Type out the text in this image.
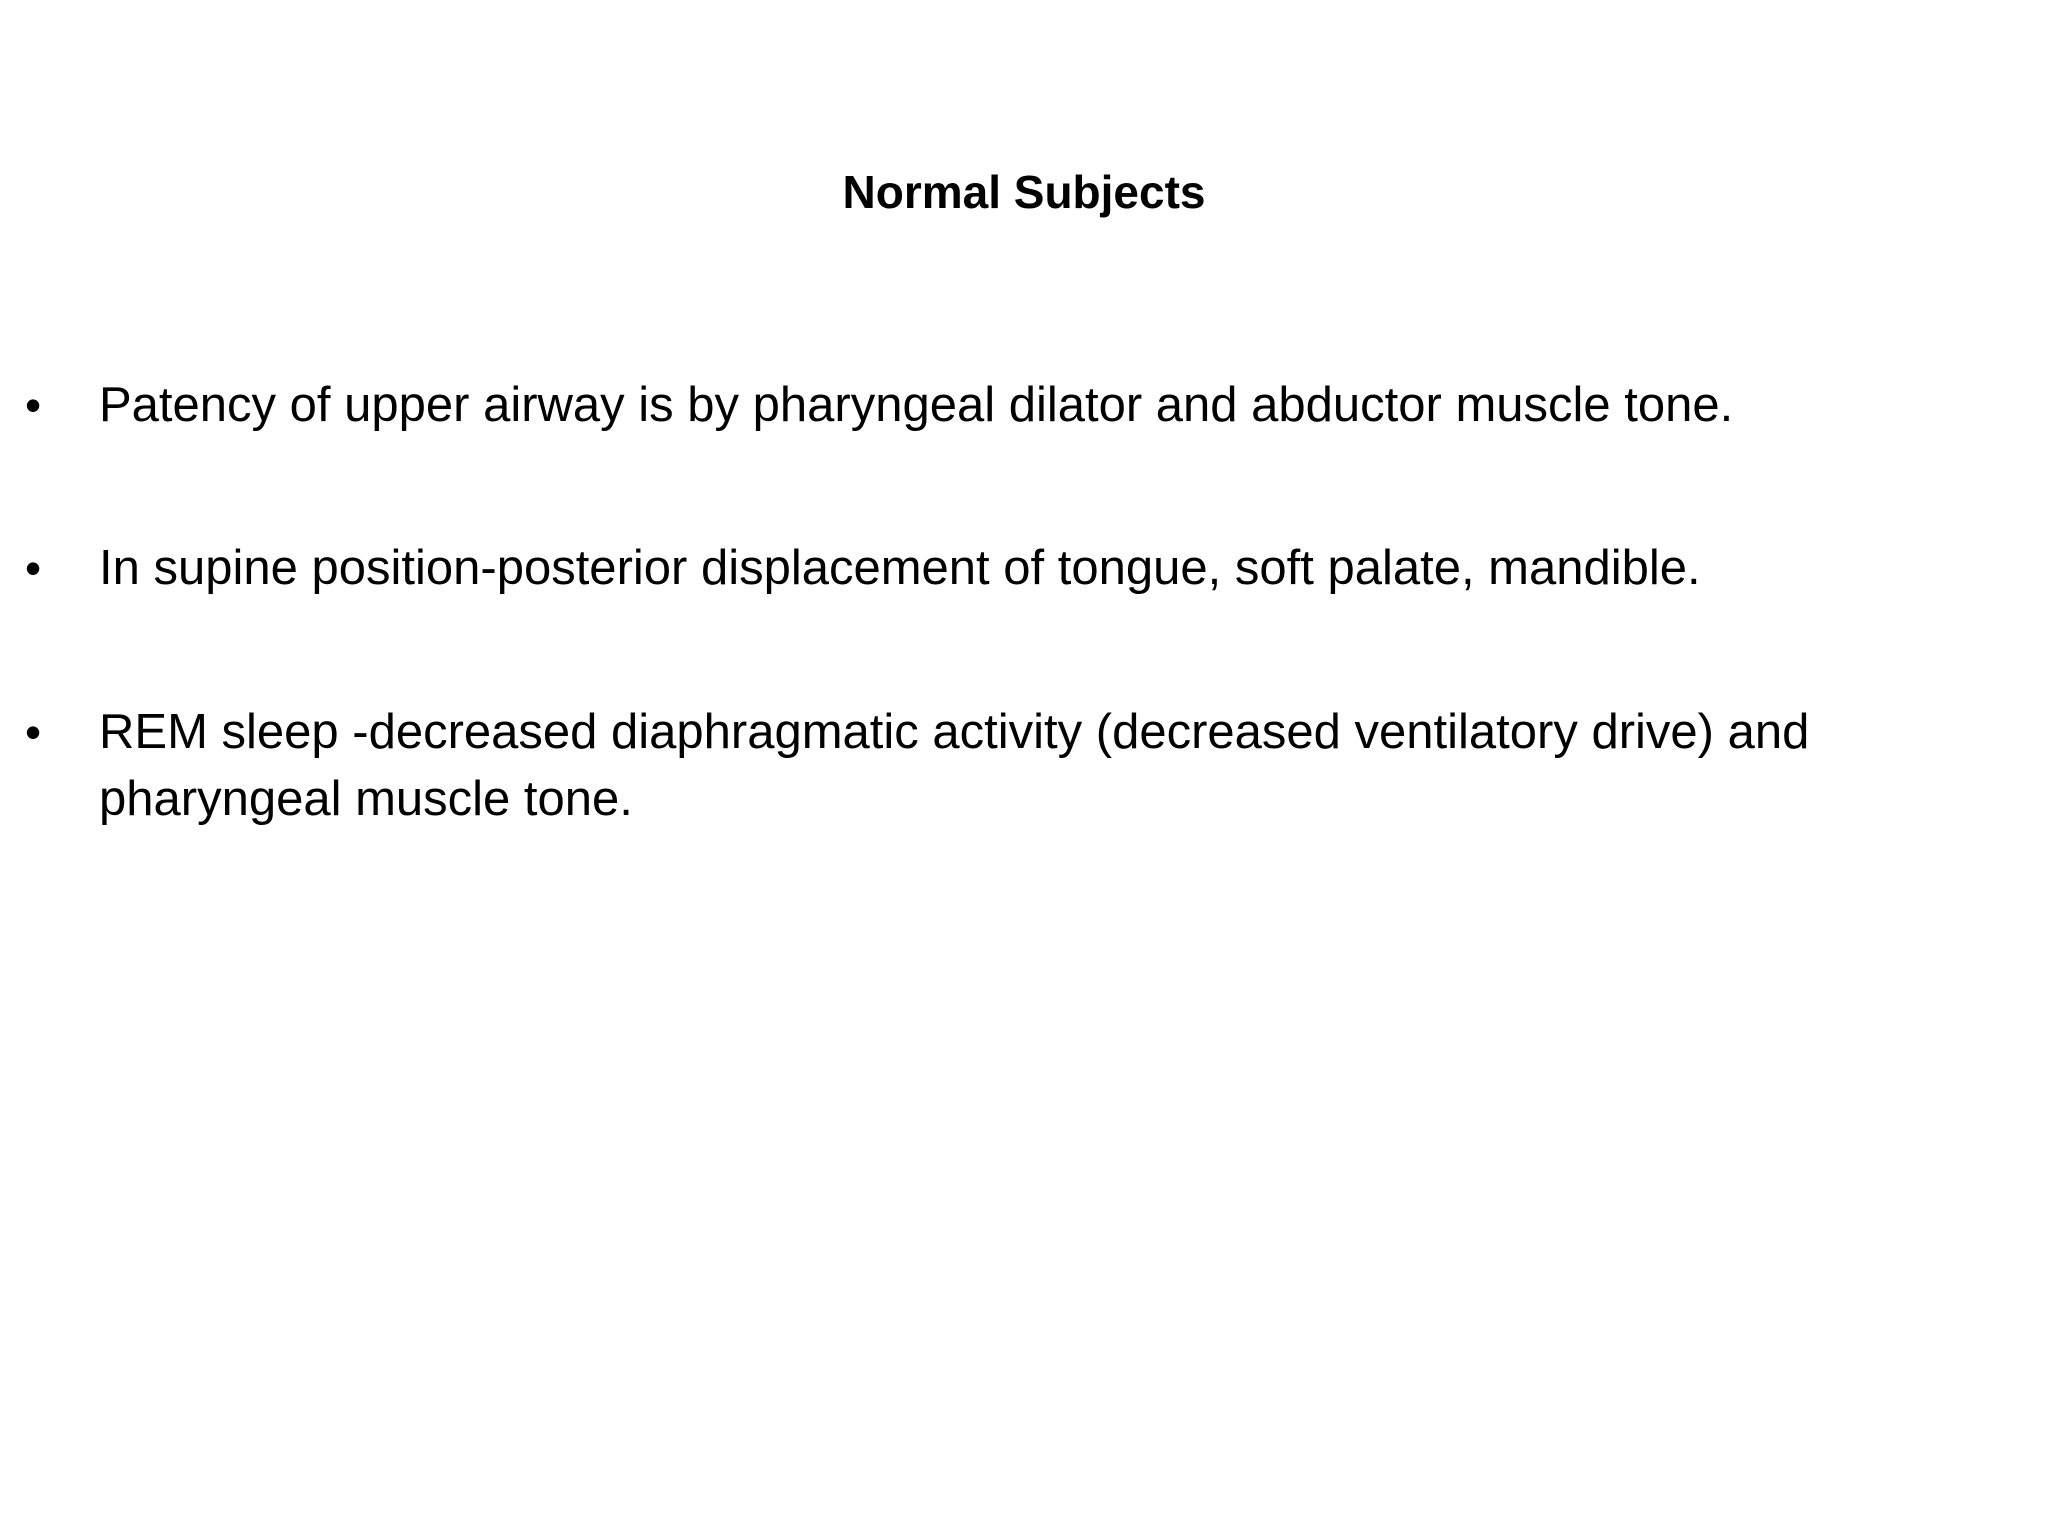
Normal Subjects
• Patency of upper airway is by pharyngeal dilator and abductor muscle tone.
• In supine position-posterior displacement of tongue, soft palate, mandible.
• REM sleep -decreased diaphragmatic activity (decreased ventilatory drive) and pharyngeal muscle tone.
